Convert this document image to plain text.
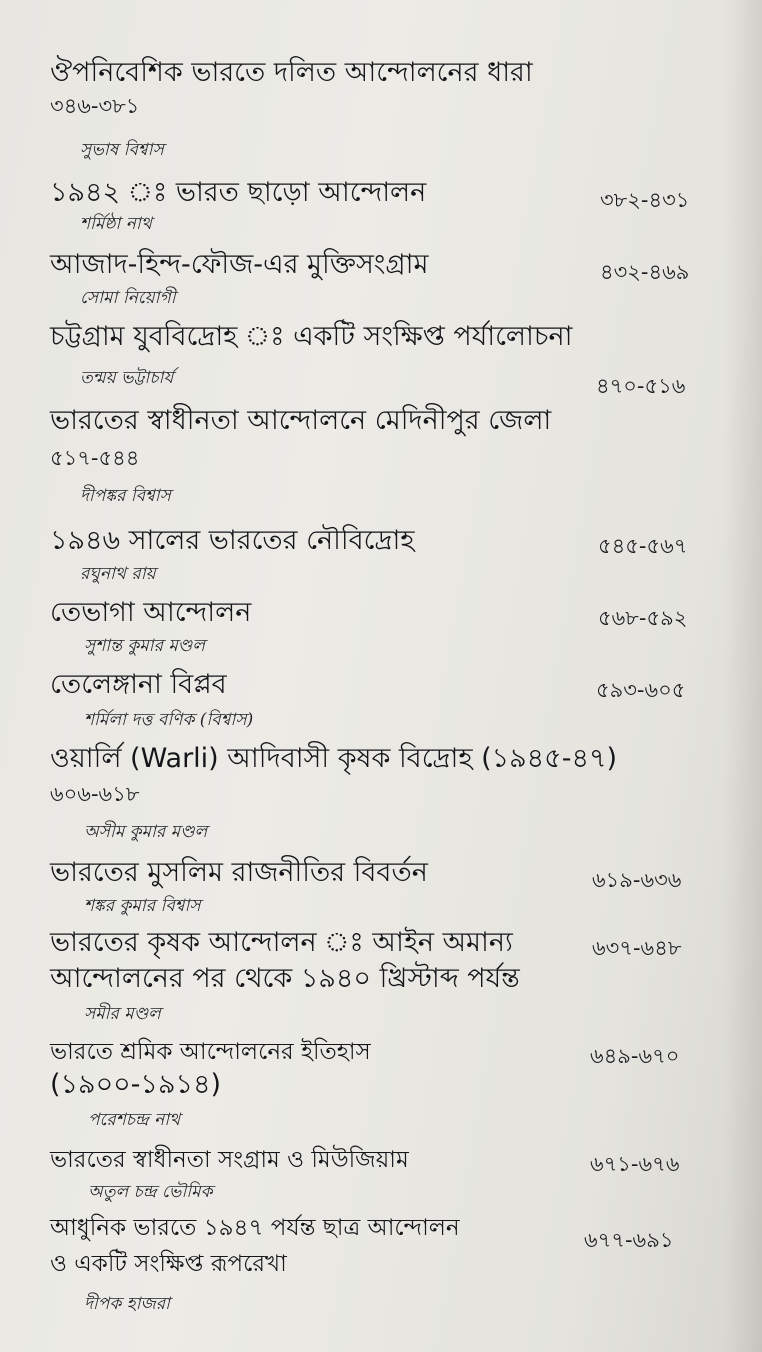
ঔপনিবেশিক ভারতে দলিত আন্দোলনের ধারা
৩৪৬-৩৮১
সুভাষ বিশ্বাস
১৯৪২ ঃ ভারত ছাড়ো আন্দোলন	৩৮২-৪৩১
শর্মিষ্ঠা নাথ
আজাদ-হিন্দ-ফৌজ-এর মুক্তিসংগ্রাম	৪৩২-৪৬৯
সোমা নিয়োগী
চট্টগ্রাম যুববিদ্রোহ ঃ একটি সংক্ষিপ্ত পর্যালোচনা
তন্ময় ভট্টাচার্য	৪৭০-৫১৬
ভারতের স্বাধীনতা আন্দোলনে মেদিনীপুর জেলা
৫১৭-৫৪৪
দীপঙ্কর বিশ্বাস
১৯৪৬ সালের ভারতের নৌবিদ্রোহ	৫৪৫-৫৬৭
রঘুনাথ রায়
তেভাগা আন্দোলন	৫৬৮-৫৯২
সুশান্ত কুমার মণ্ডল
তেলেঙ্গানা বিপ্লব	৫৯৩-৬০৫
শর্মিলা দত্ত বণিক (বিশ্বাস)
ওয়ার্লি (Warli) আদিবাসী কৃষক বিদ্রোহ (১৯৪৫-৪৭)
৬০৬-৬১৮
অসীম কুমার মণ্ডল
ভারতের মুসলিম রাজনীতির বিবর্তন	৬১৯-৬৩৬
শঙ্কর কুমার বিশ্বাস
ভারতের কৃষক আন্দোলন ঃ আইন অমান্য	৬৩৭-৬৪৮
আন্দোলনের পর থেকে ১৯৪০ খ্রিস্টাব্দ পর্যন্ত
সমীর মণ্ডল
ভারতে শ্রমিক আন্দোলনের ইতিহাস	৬৪৯-৬৭০
(১৯০০-১৯১৪)
পরেশচন্দ্র নাথ
ভারতের স্বাধীনতা সংগ্রাম ও মিউজিয়াম	৬৭১-৬৭৬
অতুল চন্দ্র ভৌমিক
আধুনিক ভারতে ১৯৪৭ পর্যন্ত ছাত্র আন্দোলন	৬৭৭-৬৯১
ও একটি সংক্ষিপ্ত রূপরেখা
দীপক হাজরা
